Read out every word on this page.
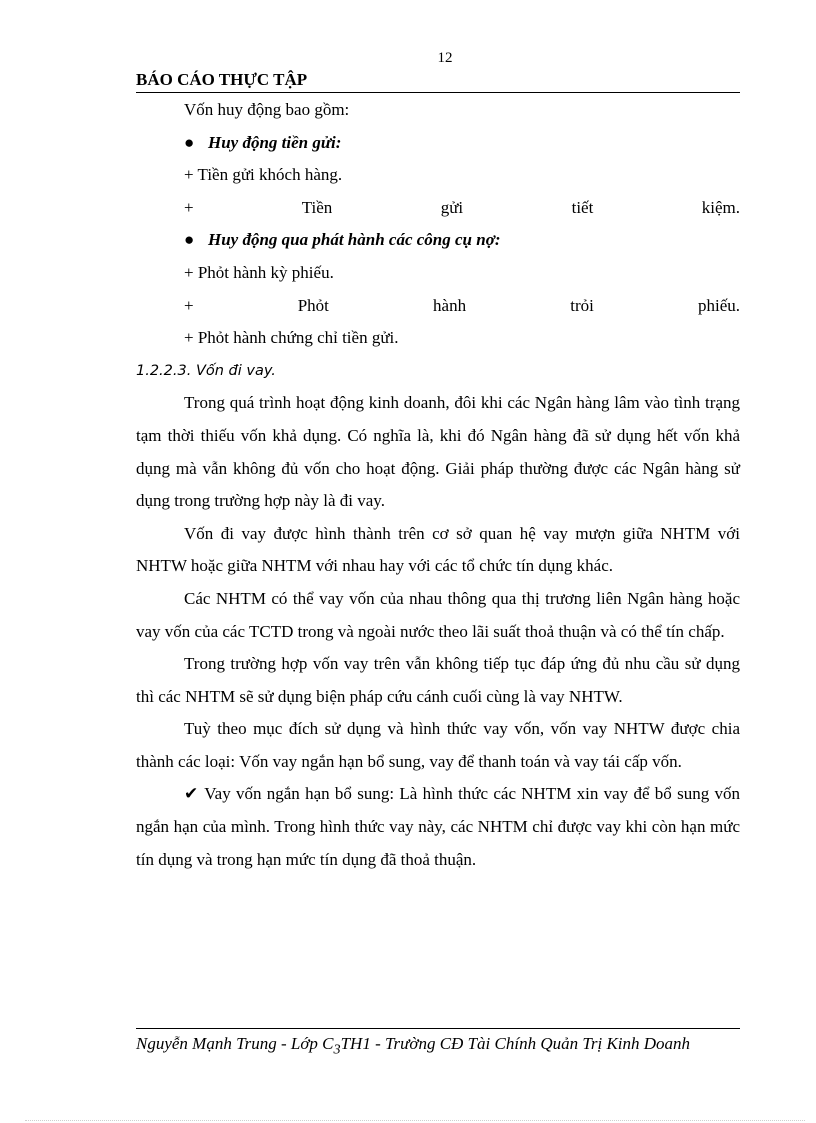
12
BÁO CÁO THỰC TẬP

Vốn huy động bao gồm:

● Huy động tiền gửi:

+ Tiền gửi khóch hàng.

+ Tiền gửi tiết kiệm.

● Huy động qua phát hành các công cụ nợ:

+ Phỏt hành kỳ phiếu.

+ Phỏt hành trỏi phiếu.

+ Phỏt hành chứng chỉ tiền gửi.

1.2.2.3. Vốn đi vay.

Trong quá trình hoạt động kinh doanh, đôi khi các Ngân hàng lâm vào tình trạng tạm thời thiếu vốn khả dụng. Có nghĩa là, khi đó Ngân hàng đã sử dụng hết vốn khả dụng mà vẫn không đủ vốn cho hoạt động. Giải pháp thường được các Ngân hàng sử dụng trong trường hợp này là đi vay.

Vốn đi vay được hình thành trên cơ sở quan hệ vay mượn giữa NHTM với NHTW hoặc giữa NHTM với nhau hay với các tổ chức tín dụng khác.

Các NHTM có thể vay vốn của nhau thông qua thị trương liên Ngân hàng hoặc vay vốn của các TCTD trong và ngoài nước theo lãi suất thoả thuận và có thể tín chấp.

Trong trường hợp vốn vay trên vẫn không tiếp tục đáp ứng đủ nhu cầu sử dụng thì các NHTM sẽ sử dụng biện pháp cứu cánh cuối cùng là vay NHTW.

Tuỳ theo mục đích sử dụng và hình thức vay vốn, vốn vay NHTW được chia thành các loại: Vốn vay ngắn hạn bổ sung, vay để thanh toán và vay tái cấp vốn.

✔ Vay vốn ngắn hạn bổ sung: Là hình thức các NHTM xin vay để bổ sung vốn ngắn hạn của mình. Trong hình thức vay này, các NHTM chỉ được vay khi còn hạn mức tín dụng và trong hạn mức tín dụng đã thoả thuận.

Nguyễn Mạnh Trung - Lớp $C_3TH1$ - Trường CĐ Tài Chính Quản Trị Kinh Doanh
